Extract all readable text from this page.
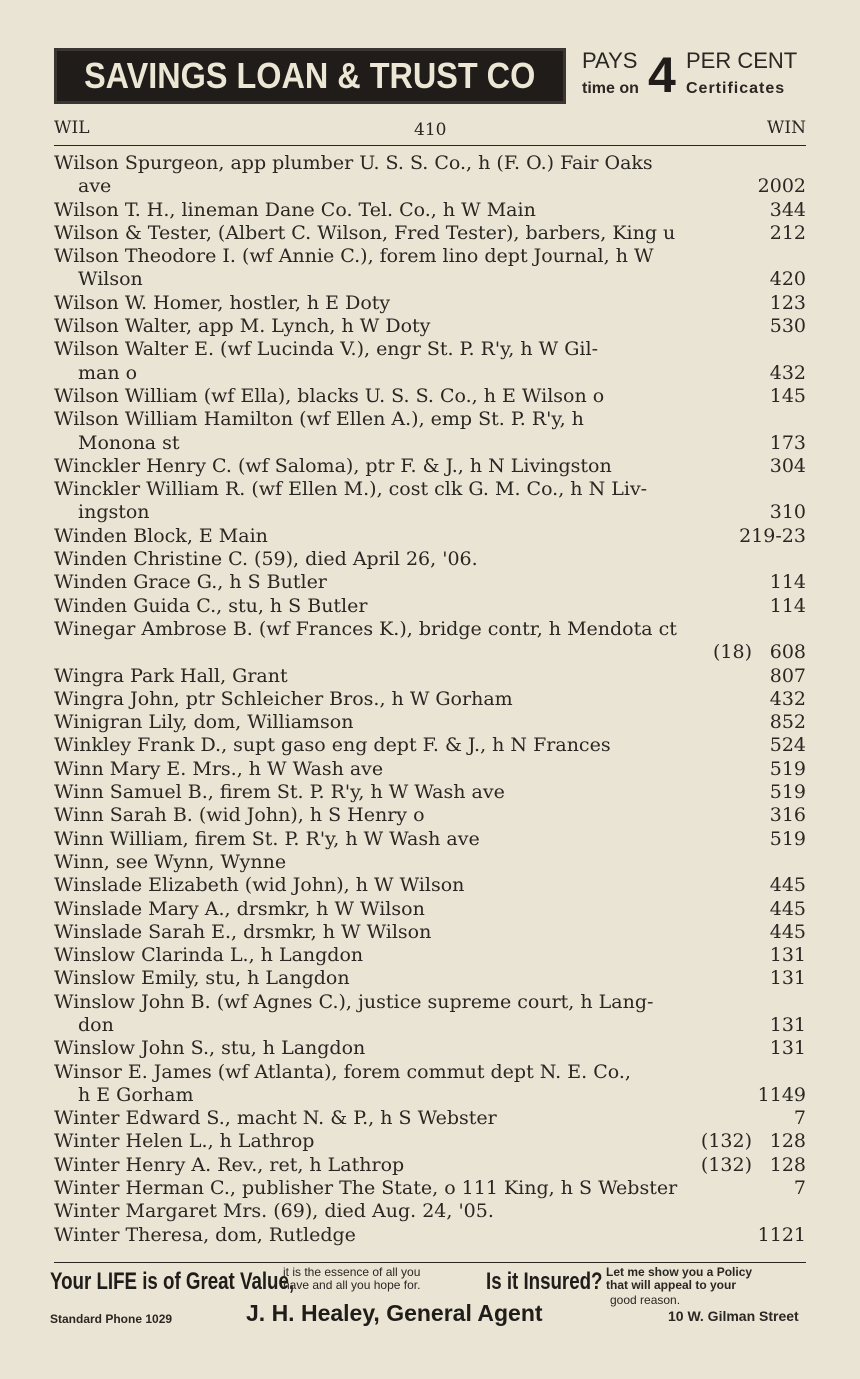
SAVINGS LOAN & TRUST CO PAYS 4 PER CENT
time on	Certificates
WIL	410	WIN
Wilson Spurgeon, app plumber U. S. S. Co., h (F. O.) Fair Oaks
ave	2002
Wilson T. H., lineman Dane Co. Tel. Co., h W Main	344
Wilson & Tester, (Albert C. Wilson, Fred Tester), barbers, King u	212
Wilson Theodore I. (wf Annie C.), forem lino dept Journal, h W
Wilson	420
Wilson W. Homer, hostler, h E Doty	123
Wilson Walter, app M. Lynch, h W Doty	530
Wilson Walter E. (wf Lucinda V.), engr St. P. R'y, h W Gil-
man o	432
Wilson William (wf Ella), blacks U. S. S. Co., h E Wilson o	145
Wilson William Hamilton (wf Ellen A.), emp St. P. R'y, h
Monona st	173
Winckler Henry C. (wf Saloma), ptr F. & J., h N Livingston	304
Winckler William R. (wf Ellen M.), cost clk G. M. Co., h N Liv-
ingston	310
Winden Block, E Main	219-23
Winden Christine C. (59), died April 26, '06.
Winden Grace G., h S Butler	114
Winden Guida C., stu, h S Butler	114
Winegar Ambrose B. (wf Frances K.), bridge contr, h Mendota ct

(18) 608
Wingra Park Hall, Grant	807
Wingra John, ptr Schleicher Bros., h W Gorham	432
Winigran Lily, dom, Williamson	852
Winkley Frank D., supt gaso eng dept F. & J., h N Frances	524
Winn Mary E. Mrs., h W Wash ave	519
Winn Samuel B., firem St. P. R'y, h W Wash ave	519
Winn Sarah B. (wid John), h S Henry o	316
Winn William, firem St. P. R'y, h W Wash ave	519
Winn, see Wynn, Wynne
Winslade Elizabeth (wid John), h W Wilson	445
Winslade Mary A., drsmkr, h W Wilson	445
Winslade Sarah E., drsmkr, h W Wilson	445
Winslow Clarinda L., h Langdon	131
Winslow Emily, stu, h Langdon	131
Winslow John B. (wf Agnes C.), justice supreme court, h Lang-
don	131
Winslow John S., stu, h Langdon	131
Winsor E. James (wf Atlanta), forem commut dept N. E. Co.,
h E Gorham	1149
Winter Edward S., macht N. & P., h S Webster	7
Winter Helen L., h Lathrop	(132) 128
Winter Henry A. Rev., ret, h Lathrop	(132) 128
Winter Herman C., publisher The State, o 111 King, h S Webster	7
Winter Margaret Mrs. (69), died Aug. 24, '05.
Winter Theresa, dom, Rutledge	1121
Your LIFE is of Great Value,
it is the essence of all you
have and all you hope for.	Is it Insured? Let me show you a Policy
that will appeal to your
Standard Phone 1029	J. H. Healey, General Agent	good reason.
10 W. Gilman Street
